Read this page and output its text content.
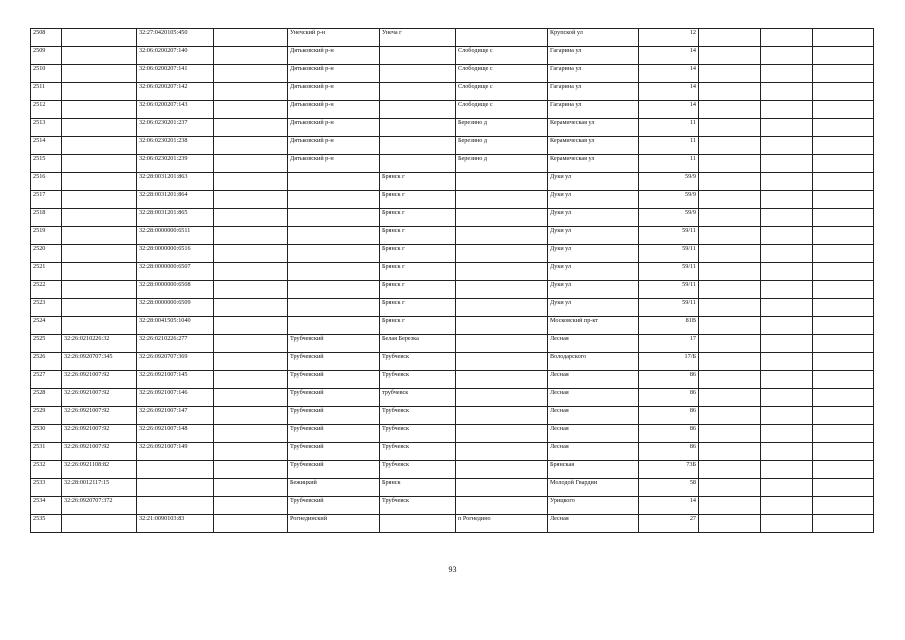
2508		32:27:0420105:450		Унечский р-н	Унеча г		Крупской ул	12			
2509		32:06:0200207:140		Дятьковский р-н		Слободище с	Гагарина ул	14			
2510		32:06:0200207:141		Дятьковский р-н		Слободище с	Гагарина ул	14			
2511		32:06:0200207:142		Дятьковский р-н		Слободище с	Гагарина ул	14			
2512		32:06:0200207:143		Дятьковский р-н		Слободище с	Гагарина ул	14			
2513		32:06:0230201:237		Дятьковский р-н		Березино д	Керамическая ул	11			
2514		32:06:0230201:238		Дятьковский р-н		Березино д	Керамическая ул	11			
2515		32:06:0230201:239		Дятьковский р-н		Березино д	Керамическая ул	11			
2516		32:28:0031201:863			Брянск г		Дуки ул	59/9			
2517		32:28:0031201:864			Брянск г		Дуки ул	59/9			
2518		32:28:0031201:865			Брянск г		Дуки ул	59/9			
2519		32:28:0000000:6511			Брянск г		Дуки ул	59/11			
2520		32:28:0000000:6516			Брянск г		Дуки ул	59/11			
2521		32:28:0000000:6507			Брянск г		Дуки ул	59/11			
2522		32:28:0000000:6508			Брянск г		Дуки ул	59/11			
2523		32:28:0000000:6509			Брянск г		Дуки ул	59/11			
2524		32:28:0041505:1040			Брянск г		Московский пр-кт	81В			
2525	32:26:0210226:32	32:26:0210226:277		Трубчевский	Белая Березка		Лесная	17			
2526	32:26:0920707:345	32:26:0920707:369		Трубчевский	Трубчевск		Володарского	17/Б			
2527	32:26:0921007:92	32:26:0921007:145		Трубчевский	Трубчевск		Лесная	86			
2528	32:26:0921007:92	32:26:0921007:146		Трубчевский	трубчевск		Лесная	86			
2529	32:26:0921007:92	32:26:0921007:147		Трубчевский	Трубчевск		Лесная	86			
2530	32:26:0921007:92	32:26:0921007:148		Трубчевский	Трубчевск		Лесная	86			
2531	32:26:0921007:92	32:26:0921007:149		Трубчевский	Трубчевск		Лесная	86			
2532	32:26:0921108:82			Трубчевский	Трубчевск		Брянская	73Б			
2533	32:28:0012117:15			Бежицкий	Брянск		Молодой Гвардии	58			
2534	32:26:0920707:372			Трубчевский	Трубчевск		Урицкого	14			
2535		32:21:0090103:83		Рогнединский		п Рогнедино	Лесная	27			
93
